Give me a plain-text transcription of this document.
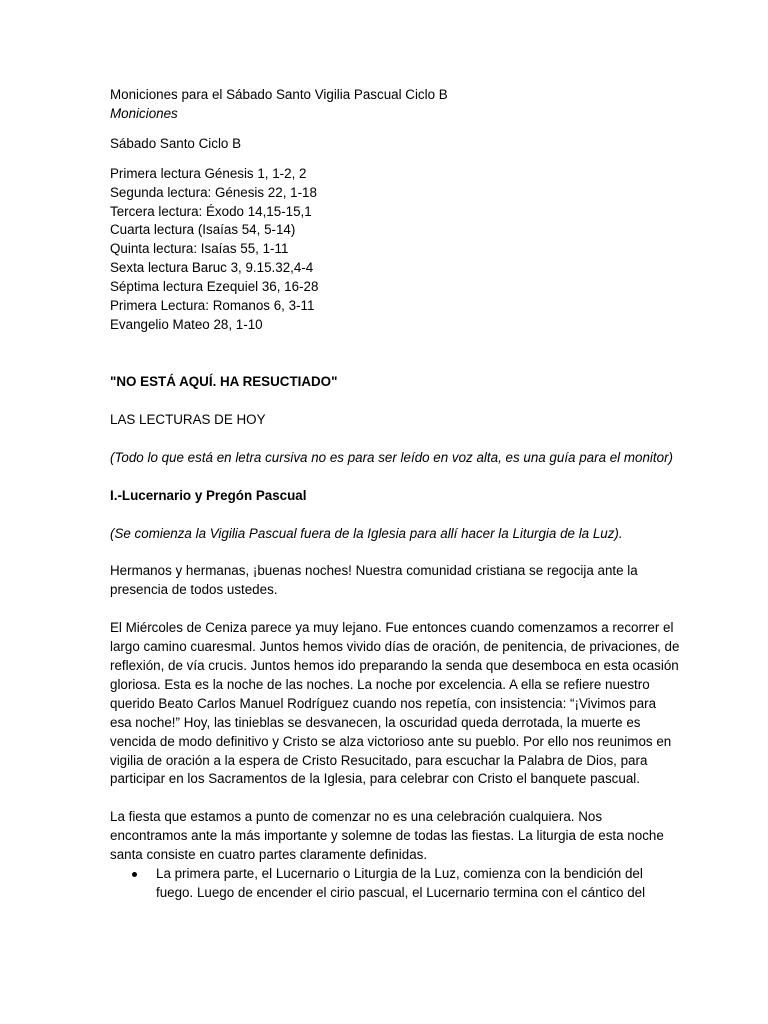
Moniciones para el Sábado Santo Vigilia Pascual Ciclo B
Moniciones
Sábado Santo Ciclo B
Primera lectura Génesis 1, 1-2, 2
Segunda lectura: Génesis 22, 1-18
Tercera lectura: Éxodo 14,15-15,1
Cuarta lectura (Isaías 54, 5-14)
Quinta lectura: Isaías 55, 1-11
Sexta lectura Baruc 3, 9.15.32,4-4
Séptima lectura Ezequiel 36, 16-28
Primera Lectura: Romanos 6, 3-11
Evangelio Mateo 28, 1-10
"NO ESTÁ AQUÍ. HA RESUCTIADO"
LAS LECTURAS DE HOY
(Todo lo que está en letra cursiva no es para ser leído en voz alta, es una guía para el monitor)
I.-Lucernario y Pregón Pascual
(Se comienza la Vigilia Pascual fuera de la Iglesia para allí hacer la Liturgia de la Luz).
Hermanos y hermanas, ¡buenas noches! Nuestra comunidad cristiana se regocija ante la
presencia de todos ustedes.
El Miércoles de Ceniza parece ya muy lejano. Fue entonces cuando comenzamos a recorrer el
largo camino cuaresmal. Juntos hemos vivido días de oración, de penitencia, de privaciones, de
reflexión, de vía crucis. Juntos hemos ido preparando la senda que desemboca en esta ocasión
gloriosa. Esta es la noche de las noches. La noche por excelencia. A ella se refiere nuestro
querido Beato Carlos Manuel Rodríguez cuando nos repetía, con insistencia: “¡Vivimos para
esa noche!” Hoy, las tinieblas se desvanecen, la oscuridad queda derrotada, la muerte es
vencida de modo definitivo y Cristo se alza victorioso ante su pueblo. Por ello nos reunimos en
vigilia de oración a la espera de Cristo Resucitado, para escuchar la Palabra de Dios, para
participar en los Sacramentos de la Iglesia, para celebrar con Cristo el banquete pascual.
La fiesta que estamos a punto de comenzar no es una celebración cualquiera. Nos
encontramos ante la más importante y solemne de todas las fiestas. La liturgia de esta noche
santa consiste en cuatro partes claramente definidas.
La primera parte, el Lucernario o Liturgia de la Luz, comienza con la bendición del
fuego. Luego de encender el cirio pascual, el Lucernario termina con el cántico del
